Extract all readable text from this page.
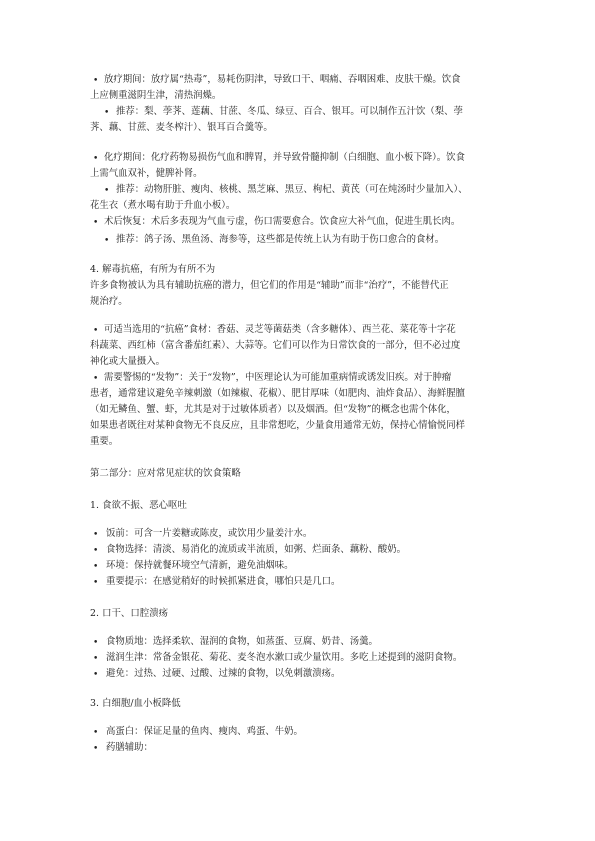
• 放疗期间：放疗属“热毒”，易耗伤阴津，导致口干、咽痛、吞咽困难、皮肤干燥。饮食
上应侧重滋阴生津，清热润燥。
• 推荐：梨、荸荠、莲藕、甘蔗、冬瓜、绿豆、百合、银耳。可以制作五汁饮（梨、荸
荠、藕、甘蔗、麦冬榨汁）、银耳百合羹等。
• 化疗期间：化疗药物易损伤气血和脾胃，并导致骨髓抑制（白细胞、血小板下降）。饮食
上需气血双补，健脾补肾。
• 推荐：动物肝脏、瘦肉、核桃、黑芝麻、黑豆、枸杞、黄芪（可在炖汤时少量加入）、
花生衣（煮水喝有助于升血小板）。
• 术后恢复：术后多表现为气血亏虚，伤口需要愈合。饮食应大补气血，促进生肌长肉。
• 推荐：鸽子汤、黑鱼汤、海参等，这些都是传统上认为有助于伤口愈合的食材。
4. 解毒抗癌，有所为有所不为
许多食物被认为具有辅助抗癌的潜力，但它们的作用是“辅助”而非“治疗”，不能替代正
规治疗。
• 可适当选用的“抗癌”食材：香菇、灵芝等菌菇类（含多糖体）、西兰花、菜花等十字花
科蔬菜、西红柿（富含番茄红素）、大蒜等。它们可以作为日常饮食的一部分，但不必过度
神化或大量摄入。
• 需要警惕的“发物”：关于“发物”，中医理论认为可能加重病情或诱发旧疾。对于肿瘤
患者，通常建议避免辛辣刺激（如辣椒、花椒）、肥甘厚味（如肥肉、油炸食品）、海鲜腥膻
（如无鳞鱼、蟹、虾，尤其是对于过敏体质者）以及烟酒。但“发物”的概念也需个体化，
如果患者既往对某种食物无不良反应，且非常想吃，少量食用通常无妨，保持心情愉悦同样
重要。
第二部分：应对常见症状的饮食策略
1. 食欲不振、恶心呕吐
• 饭前：可含一片姜糖或陈皮，或饮用少量姜汁水。
• 食物选择：清淡、易消化的流质或半流质，如粥、烂面条、藕粉、酸奶。
• 环境：保持就餐环境空气清新，避免油烟味。
• 重要提示：在感觉稍好的时候抓紧进食，哪怕只是几口。
2. 口干、口腔溃疡
• 食物质地：选择柔软、湿润的食物，如蒸蛋、豆腐、奶昔、汤羹。
• 滋润生津：常备金银花、菊花、麦冬泡水漱口或少量饮用。多吃上述提到的滋阴食物。
• 避免：过热、过硬、过酸、过辣的食物，以免刺激溃疡。
3. 白细胞/血小板降低
• 高蛋白：保证足量的鱼肉、瘦肉、鸡蛋、牛奶。
• 药膳辅助：
